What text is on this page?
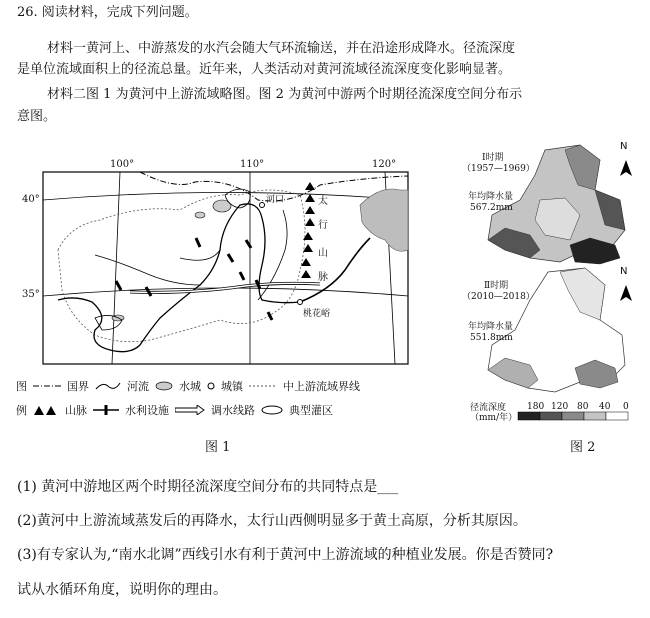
26. 阅读材料，完成下列问题。
材料一黄河上、中游蒸发的水汽会随大气环流输送，并在沿途形成降水。径流深度
是单位流域面积上的径流总量。近年来，人类活动对黄河流域径流深度变化影响显著。
材料二图 1 为黄河中上游流域略图。图 2 为黄河中游两个时期径流深度空间分布示
意图。
100°	110°	120°
40°
35°
河口
桃花峪
太
行
山
脉
图	国界	河流	水城 城镇	中上游流域界线
例	山脉	水利设施	调水线路	典型灌区
图 1
Ⅰ时期
（1957—1969）
年均降水量
567.2mm
Ⅱ时期
（2010—2018）
年均降水量
551.8mm
N
N
径流深度
（mm/年）
180 120 80 40 0
图 2
(1) 黄河中游地区两个时期径流深度空间分布的共同特点是___
(2)黄河中上游流域蒸发后的再降水，太行山西侧明显多于黄土高原，分析其原因。
(3)有专家认为,“南水北调”西线引水有利于黄河中上游流域的种植业发展。你是否赞同?
试从水循环角度，说明你的理由。
